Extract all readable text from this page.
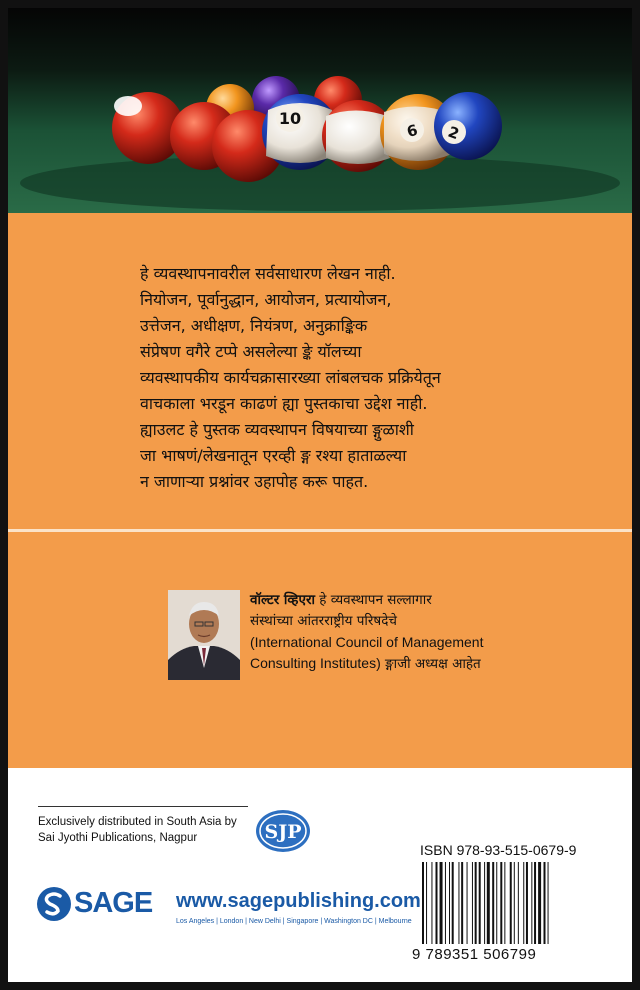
10
6 2
हे व्यवस्थापनावरील सर्वसाधारण लेखन नाही.
नियोजन, पूर्वानुद्धान, आयोजन, प्रत्यायोजन,
उत्तेजन, अधीक्षण, नियंत्रण, अनुक्राङ्किक
संप्रेषण वगैरे टप्पे असलेल्या ङ्के यॉलच्या
व्यवस्थापकीय कार्यचक्रासारख्या लांबलचक प्रक्रियेतून
वाचकाला भरडून काढणं ह्या पुस्तकाचा उद्देश नाही.
ह्याउलट हे पुस्तक व्यवस्थापन विषयाच्या ङ्गुळाशी
जा भाषणं/लेखनातून एरव्ही ङ्ग रश्या हाताळल्या
न जाणाऱ्या प्रश्नांवर उहापोह करू पाहत.
वॉल्टर व्हिएरा हे व्यवस्थापन सल्लागार
संस्थांच्या आंतरराष्ट्रीय परिषदेचे
(International Council of Management
Consulting Institutes) ङ्गाजी अध्यक्ष आहेत
Exclusively distributed in South Asia by
Sai Jyothi Publications, Nagpur	SJP
ISBN 978-93-515-0679-9
9 789351 506799
SAGE www.sagepublishing.com
Los Angeles | London | New Delhi | Singapore | Washington DC | Melbourne
